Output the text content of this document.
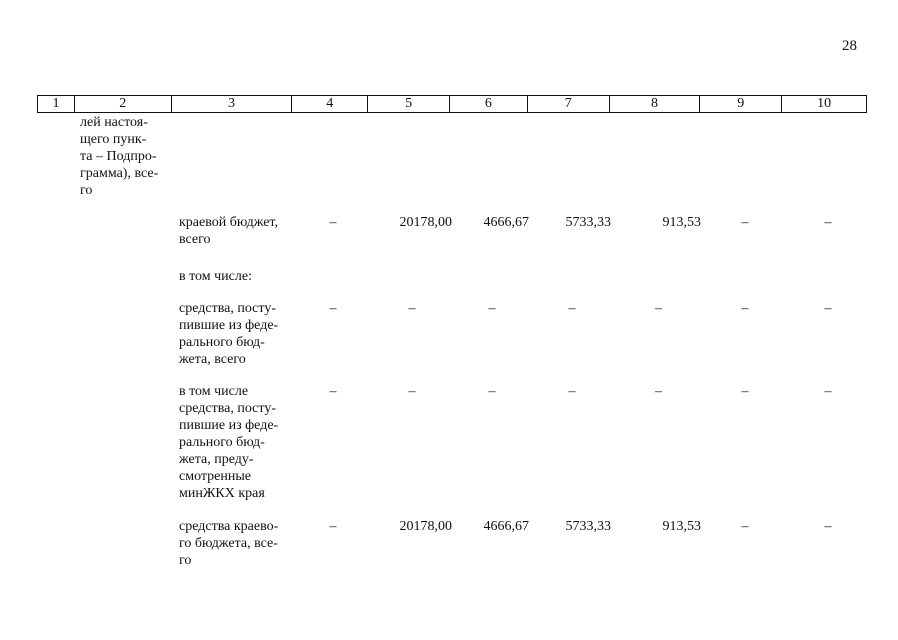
28
1	2	3	4	5	6	7	8	9	10
лей настоя-
щего пунк-
та – Подпро-
грамма), все-
го
краевой бюджет,
всего
–	20178,00	4666,67	5733,33	913,53	–	–
в том числе:
средства, посту-
пившие из феде-
рального бюд-
жета, всего
–	–	–	–	–	–	–
в том числе
средства, посту-
пившие из феде-
рального бюд-
жета, преду-
смотренные
минЖКХ края
–	–	–	–	–	–	–
средства краево-
го бюджета, все-
го
–	20178,00	4666,67	5733,33	913,53	–	–
